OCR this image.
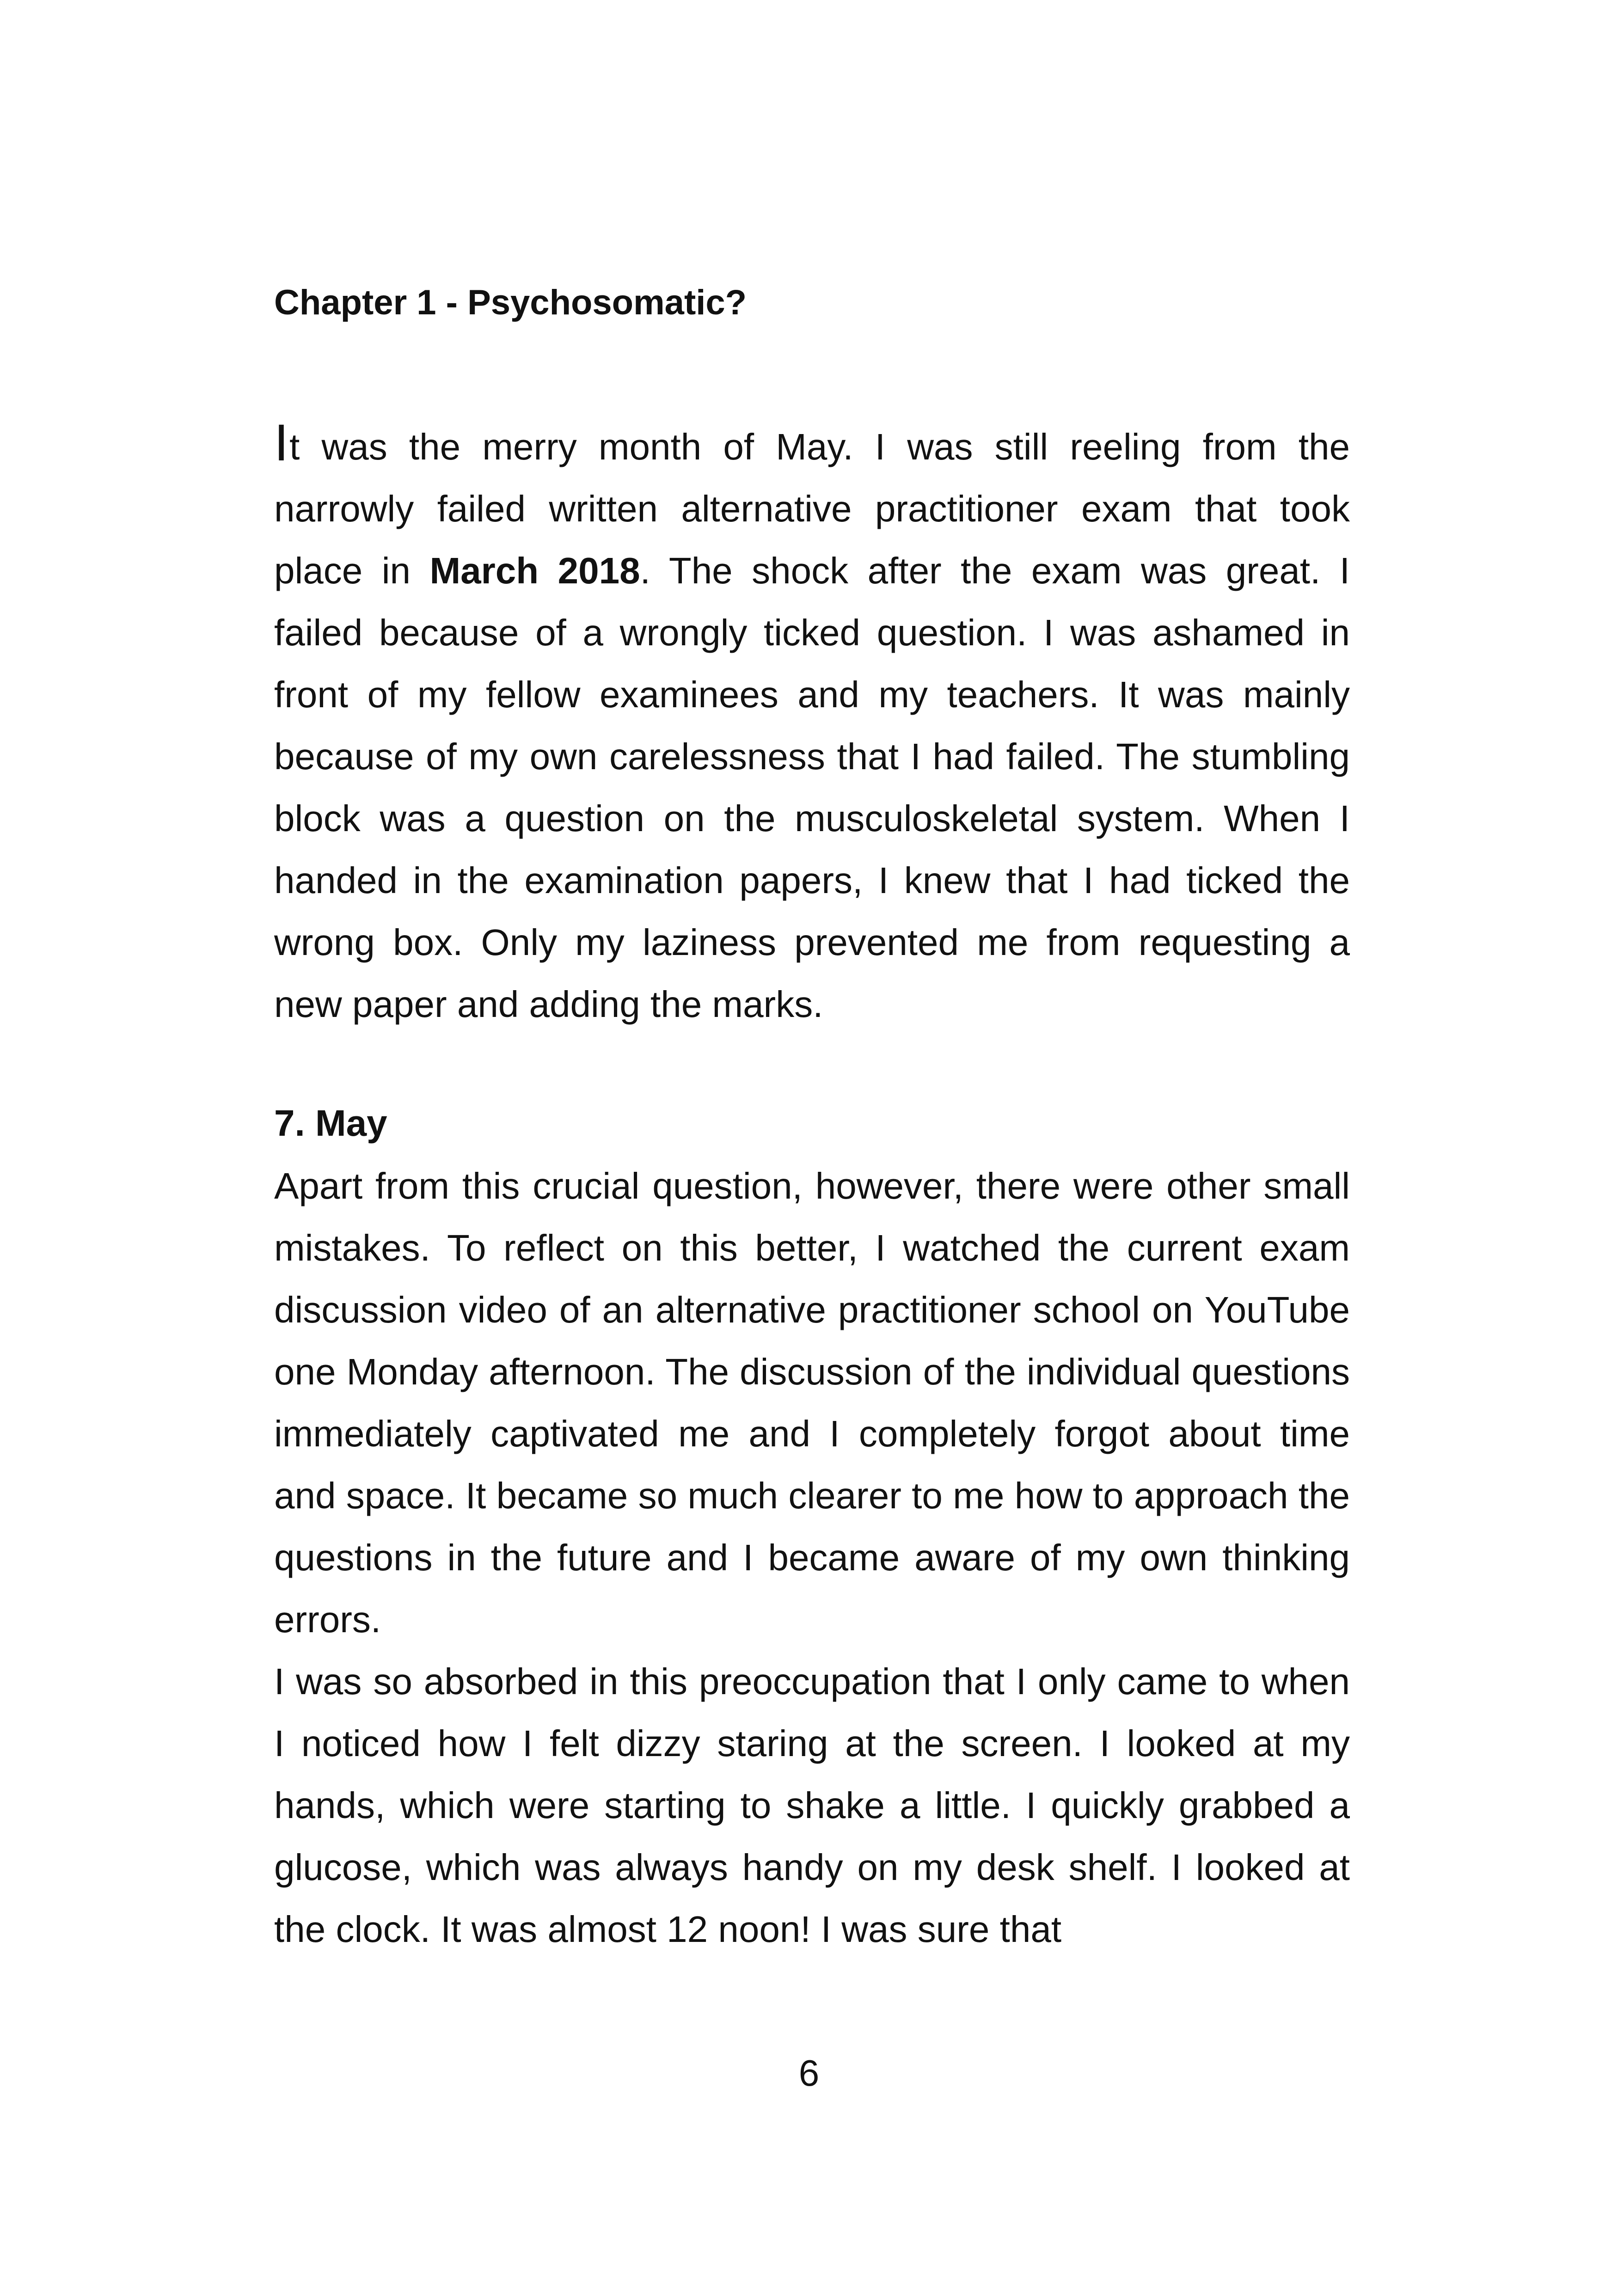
Chapter 1 - Psychosomatic?

It was the merry month of May. I was still reeling from the narrowly failed written alternative practitioner exam that took place in March 2018. The shock after the exam was great. I failed because of a wrongly ticked question. I was ashamed in front of my fellow examinees and my teachers. It was mainly because of my own carelessness that I had failed. The stumbling block was a question on the musculoskeletal system. When I handed in the examination papers, I knew that I had ticked the wrong box. Only my laziness prevented me from requesting a new paper and adding the marks.

7. May

Apart from this crucial question, however, there were other small mistakes. To reflect on this better, I watched the current exam discussion video of an alternative practitioner school on YouTube one Monday afternoon. The discussion of the individual questions immediately captivated me and I completely forgot about time and space. It became so much clearer to me how to approach the questions in the future and I became aware of my own thinking errors.

I was so absorbed in this preoccupation that I only came to when I noticed how I felt dizzy staring at the screen. I looked at my hands, which were starting to shake a little. I quickly grabbed a glucose, which was always handy on my desk shelf. I looked at the clock. It was almost 12 noon! I was sure that

6
